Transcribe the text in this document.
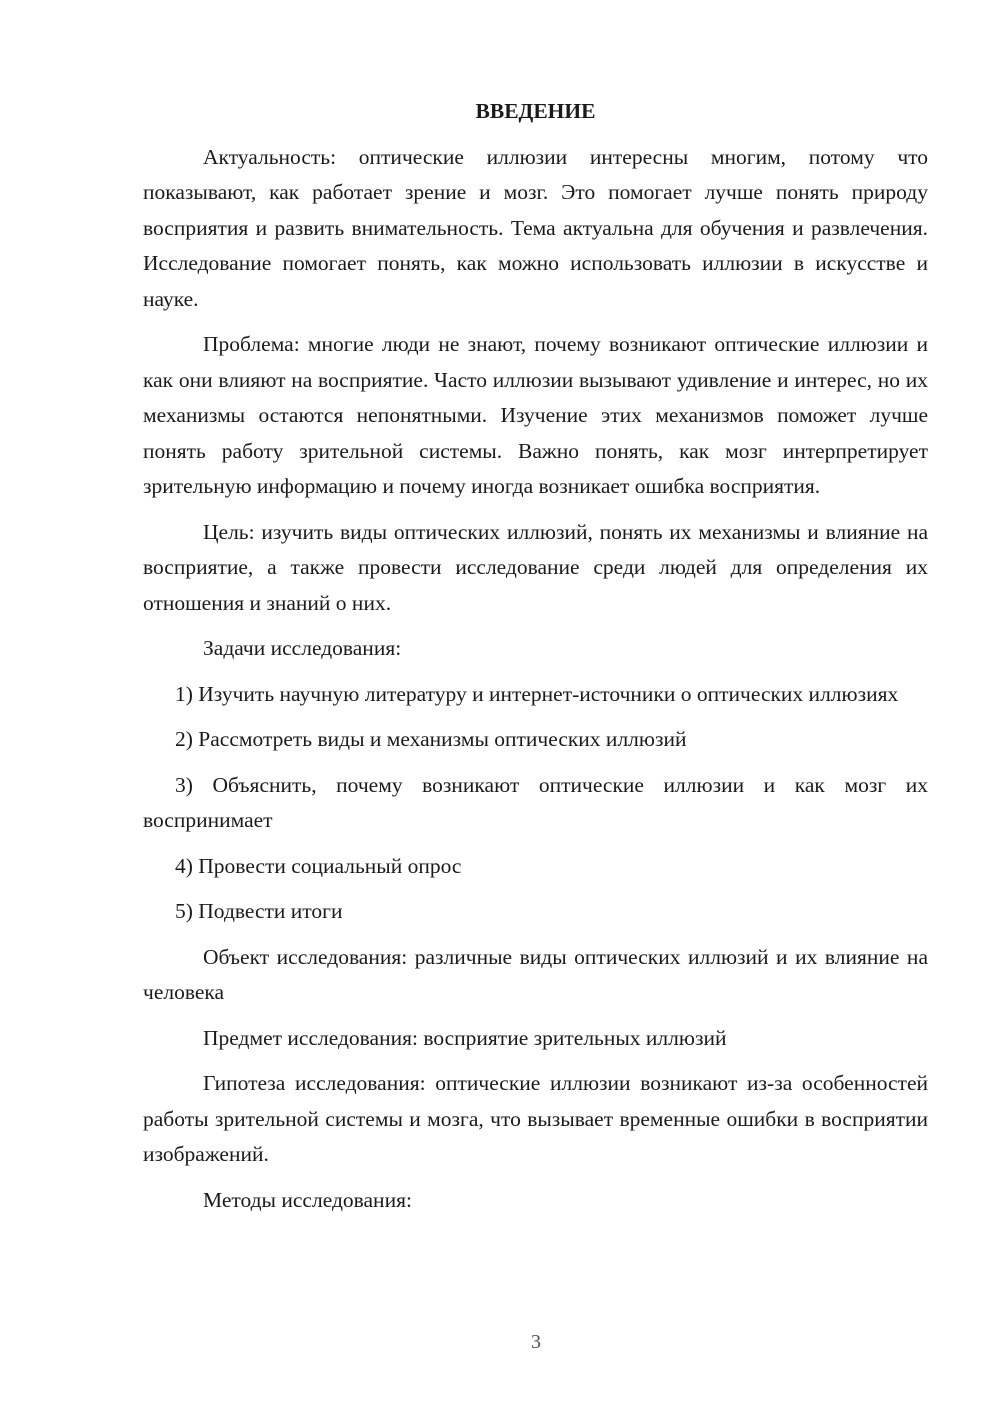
ВВЕДЕНИЕ

Актуальность: оптические иллюзии интересны многим, потому что показывают, как работает зрение и мозг. Это помогает лучше понять природу восприятия и развить внимательность. Тема актуальна для обучения и развлечения. Исследование помогает понять, как можно использовать иллюзии в искусстве и науке.

Проблема: многие люди не знают, почему возникают оптические иллюзии и как они влияют на восприятие. Часто иллюзии вызывают удивление и интерес, но их механизмы остаются непонятными. Изучение этих механизмов поможет лучше понять работу зрительной системы. Важно понять, как мозг интерпретирует зрительную информацию и почему иногда возникает ошибка восприятия.

Цель: изучить виды оптических иллюзий, понять их механизмы и влияние на восприятие, а также провести исследование среди людей для определения их отношения и знаний о них.

Задачи исследования:

1) Изучить научную литературу и интернет-источники о оптических иллюзиях

2) Рассмотреть виды и механизмы оптических иллюзий

3) Объяснить, почему возникают оптические иллюзии и как мозг их воспринимает

4) Провести социальный опрос

5) Подвести итоги

Объект исследования: различные виды оптических иллюзий и их влияние на человека

Предмет исследования: восприятие зрительных иллюзий

Гипотеза исследования: оптические иллюзии возникают из-за особенностей работы зрительной системы и мозга, что вызывает временные ошибки в восприятии изображений.

Методы исследования:

3
